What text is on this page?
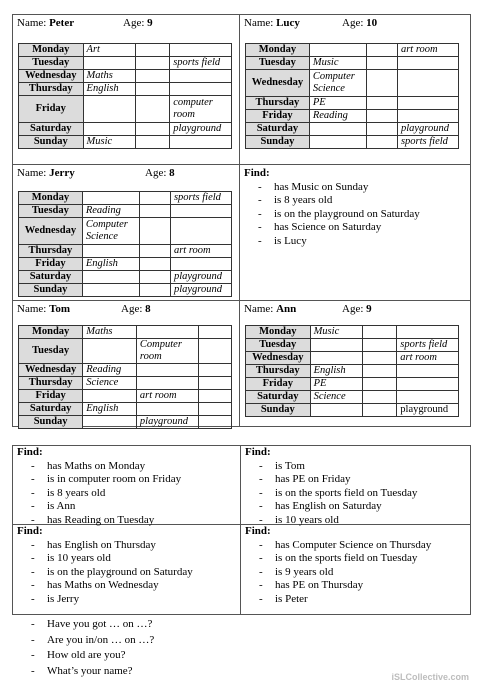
Name: Peter	Age: 9
Monday	Art		
Tuesday			sports field
Wednesday	Maths		
Thursday	English		
Friday			computer room
Saturday			playground
Sunday	Music		
Name: Lucy	Age: 10
Monday			art room
Tuesday	Music		
Wednesday	Computer Science		
Thursday	PE		
Friday	Reading		
Saturday			playground
Sunday			sports field
Name: Jerry	Age: 8
Monday			sports field
Tuesday	Reading		
Wednesday	Computer Science		
Thursday			art room
Friday	English		
Saturday			playground
Sunday			playground
Find:
- has Music on Sunday
- is 8 years old
- is on the playground on Saturday
- has Science on Saturday
- is Lucy
Name: Tom	Age: 8
Monday	Maths		
Tuesday		Computer room	
Wednesday	Reading		
Thursday	Science		
Friday		art room	
Saturday	English		
Sunday		playground	
Name: Ann	Age: 9
Monday	Music		
Tuesday			sports field
Wednesday			art room
Thursday	English		
Friday	PE		
Saturday	Science		
Sunday			playground
Find:
- has Maths on Monday
- is in computer room on Friday
- is 8 years old
- is Ann
- has Reading on Tuesday
Find:
- is Tom
- has PE on Friday
- is on the sports field on Tuesday
- has English on Saturday
- is 10 years old
Find:
- has English on Thursday
- is 10 years old
- is on the playground on Saturday
- has Maths on Wednesday
- is Jerry
Find:
- has Computer Science on Thursday
- is on the sports field on Tuesday
- is 9 years old
- has PE on Thursday
- is Peter
- Have you got … on …?
- Are you in/on … on …?
- How old are you?
- What’s your name?
iSLCollective.com
